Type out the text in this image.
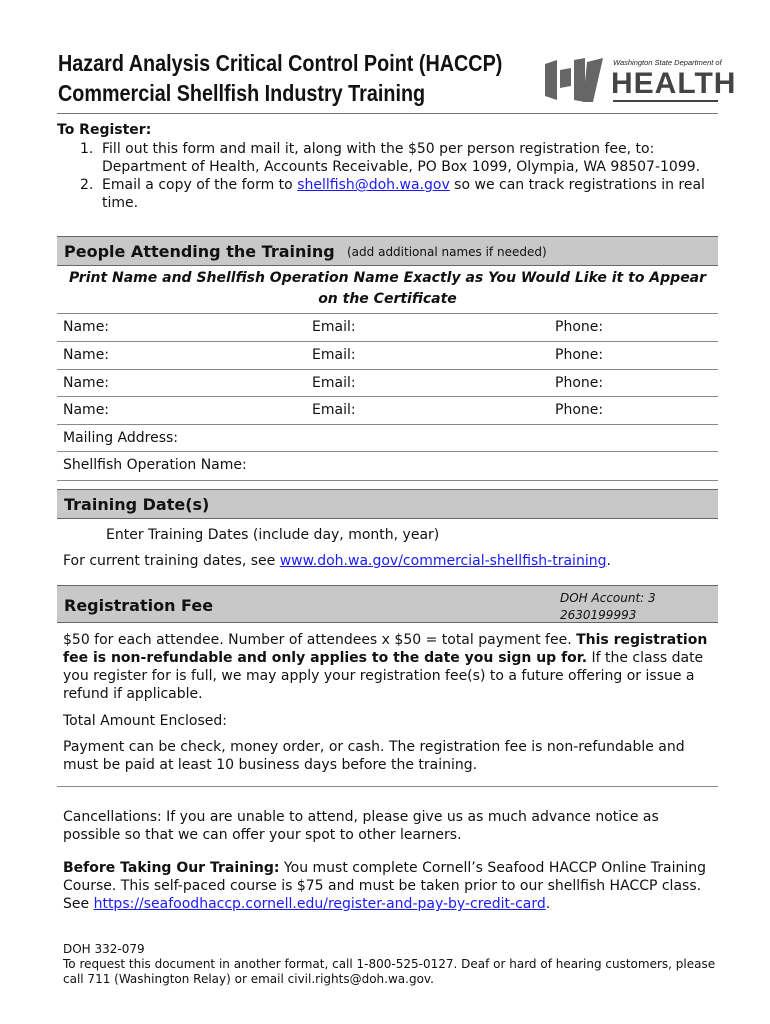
Hazard Analysis Critical Control Point (HACCP)
Commercial Shellfish Industry Training
Washington State Department of
HEALTH
To Register:
1. Fill out this form and mail it, along with the $50 per person registration fee, to: Department of Health, Accounts Receivable, PO Box 1099, Olympia, WA 98507-1099.
2. Email a copy of the form to shellfish@doh.wa.gov so we can track registrations in real time.
People Attending the Training (add additional names if needed)
Print Name and Shellfish Operation Name Exactly as You Would Like it to Appear on the Certificate
Name:	Email:	Phone:
Name:	Email:	Phone:
Name:	Email:	Phone:
Name:	Email:	Phone:
Mailing Address:
Shellfish Operation Name:
Training Date(s)
Enter Training Dates (include day, month, year)
For current training dates, see www.doh.wa.gov/commercial-shellfish-training.
Registration Fee	DOH Account: 3
2630199993
$50 for each attendee. Number of attendees x $50 = total payment fee. This registration fee is non-refundable and only applies to the date you sign up for. If the class date you register for is full, we may apply your registration fee(s) to a future offering or issue a refund if applicable.
Total Amount Enclosed:
Payment can be check, money order, or cash. The registration fee is non-refundable and must be paid at least 10 business days before the training.
Cancellations: If you are unable to attend, please give us as much advance notice as possible so that we can offer your spot to other learners.
Before Taking Our Training: You must complete Cornell’s Seafood HACCP Online Training Course. This self-paced course is $75 and must be taken prior to our shellfish HACCP class. See https://seafoodhaccp.cornell.edu/register-and-pay-by-credit-card.
DOH 332-079
To request this document in another format, call 1-800-525-0127. Deaf or hard of hearing customers, please call 711 (Washington Relay) or email civil.rights@doh.wa.gov.
